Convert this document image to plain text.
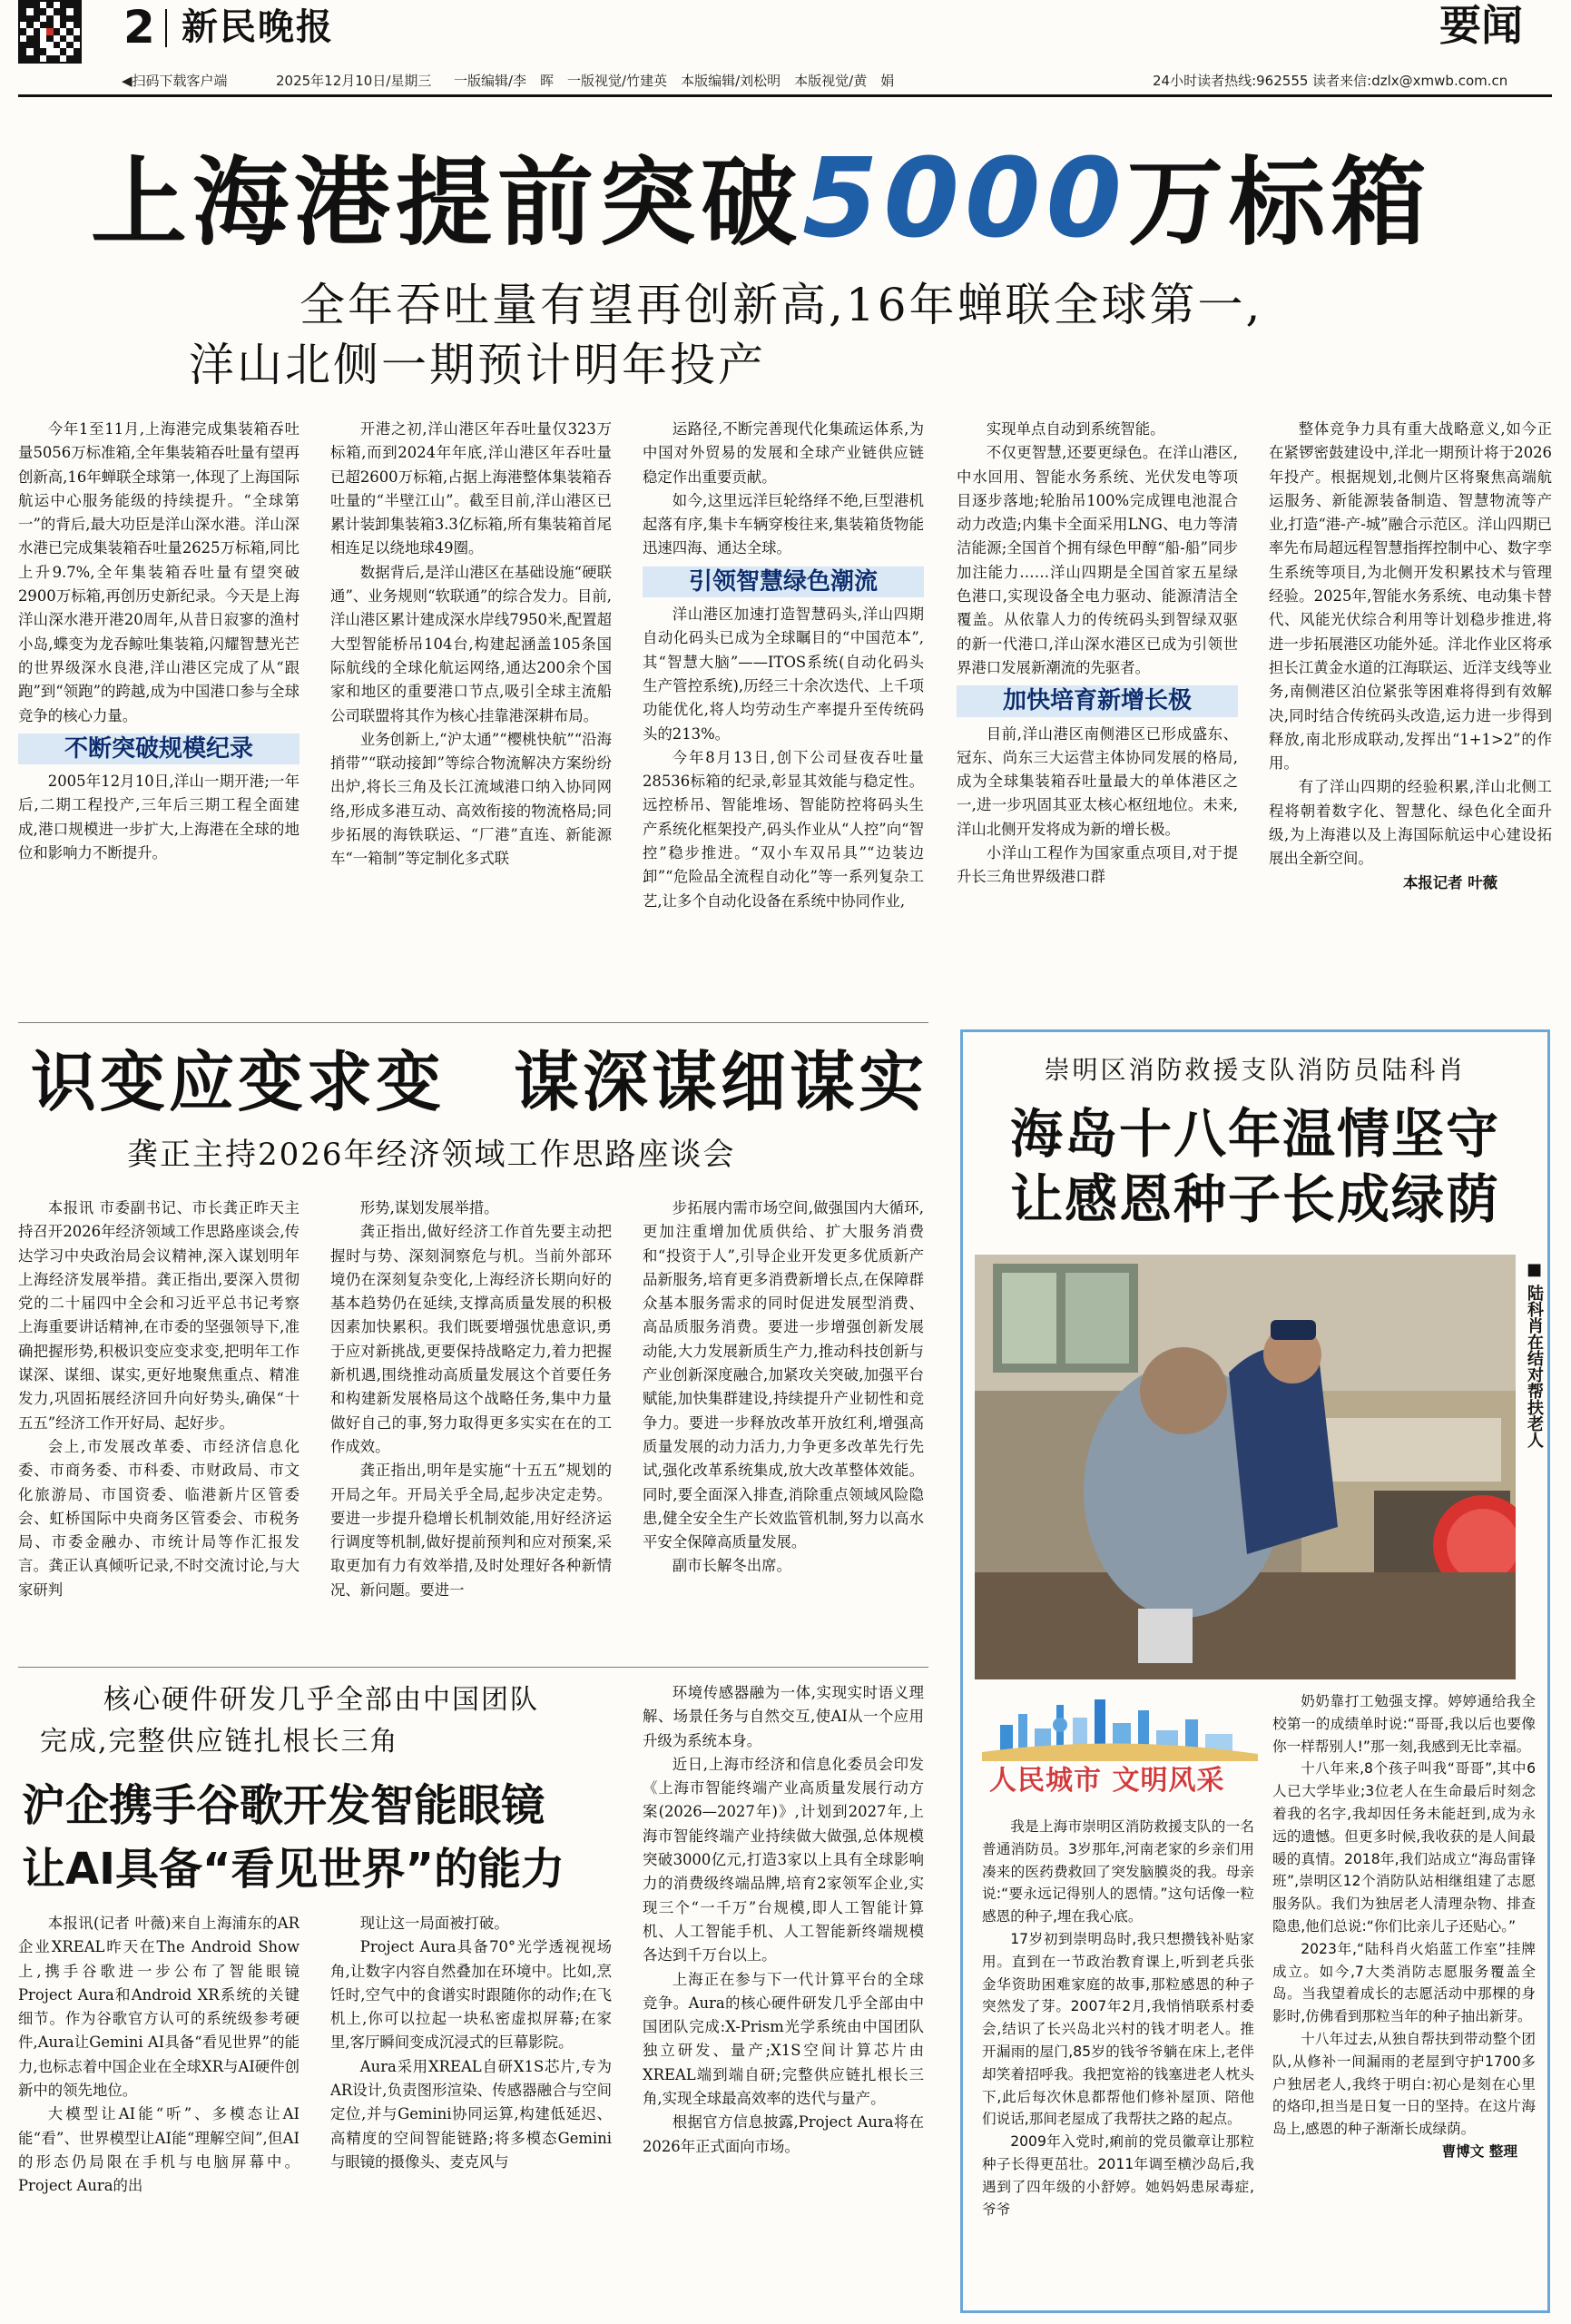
2 新民晚报	要闻
◀扫码下载客户端	2025年12月10日/星期三 一版编辑/李　晖　一版视觉/竹建英　本版编辑/刘松明　本版视觉/黄　娟	24小时读者热线:962555 读者来信:dzlx@xmwb.com.cn
上海港提前突破5000万标箱
全年吞吐量有望再创新高,16年蝉联全球第一,
洋山北侧一期预计明年投产

今年1至11月,上海港完成集装箱吞吐量5056万标准箱,全年集装箱吞吐量有望再创新高,16年蝉联全球第一,体现了上海国际航运中心服务能级的持续提升。“全球第一”的背后,最大功臣是洋山深水港。洋山深水港已完成集装箱吞吐量2625万标箱,同比上升9.7%,全年集装箱吞吐量有望突破2900万标箱,再创历史新纪录。今天是上海洋山深水港开港20周年,从昔日寂寥的渔村小岛,蝶变为龙吞鲸吐集装箱,闪耀智慧光芒的世界级深水良港,洋山港区完成了从“跟跑”到“领跑”的跨越,成为中国港口参与全球竞争的核心力量。

不断突破规模纪录

2005年12月10日,洋山一期开港;一年后,二期工程投产,三年后三期工程全面建成,港口规模进一步扩大,上海港在全球的地位和影响力不断提升。

开港之初,洋山港区年吞吐量仅323万标箱,而到2024年年底,洋山港区年吞吐量已超2600万标箱,占据上海港整体集装箱吞吐量的“半壁江山”。截至目前,洋山港区已累计装卸集装箱3.3亿标箱,所有集装箱首尾相连足以绕地球49圈。

数据背后,是洋山港区在基础设施“硬联通”、业务规则“软联通”的综合发力。目前,洋山港区累计建成深水岸线7950米,配置超大型智能桥吊104台,构建起涵盖105条国际航线的全球化航运网络,通达200余个国家和地区的重要港口节点,吸引全球主流船公司联盟将其作为核心挂靠港深耕布局。

业务创新上,“沪太通”“樱桃快航”“沿海捎带”“联动接卸”等综合物流解决方案纷纷出炉,将长三角及长江流域港口纳入协同网络,形成多港互动、高效衔接的物流格局;同步拓展的海铁联运、“厂港”直连、新能源车“一箱制”等定制化多式联

运路径,不断完善现代化集疏运体系,为中国对外贸易的发展和全球产业链供应链稳定作出重要贡献。

如今,这里远洋巨轮络绎不绝,巨型港机起落有序,集卡车辆穿梭往来,集装箱货物能迅速四海、通达全球。

引领智慧绿色潮流

洋山港区加速打造智慧码头,洋山四期自动化码头已成为全球瞩目的“中国范本”,其“智慧大脑”——ITOS系统(自动化码头生产管控系统),历经三十余次迭代、上千项功能优化,将人均劳动生产率提升至传统码头的213%。

今年8月13日,创下公司昼夜吞吐量28536标箱的纪录,彰显其效能与稳定性。远控桥吊、智能堆场、智能防控将码头生产系统化框架投产,码头作业从“人控”向“智控”稳步推进。“双小车双吊具”“边装边卸”“危险品全流程自动化”等一系列复杂工艺,让多个自动化设备在系统中协同作业,

实现单点自动到系统智能。

不仅更智慧,还要更绿色。在洋山港区,中水回用、智能水务系统、光伏发电等项目逐步落地;轮胎吊100%完成锂电池混合动力改造;内集卡全面采用LNG、电力等清洁能源;全国首个拥有绿色甲醇“船-船”同步加注能力……洋山四期是全国首家五星绿色港口,实现设备全电力驱动、能源清洁全覆盖。从依靠人力的传统码头到智绿双驱的新一代港口,洋山深水港区已成为引领世界港口发展新潮流的先驱者。

加快培育新增长极

目前,洋山港区南侧港区已形成盛东、冠东、尚东三大运营主体协同发展的格局,成为全球集装箱吞吐量最大的单体港区之一,进一步巩固其亚太核心枢纽地位。未来,洋山北侧开发将成为新的增长极。

小洋山工程作为国家重点项目,对于提升长三角世界级港口群

整体竞争力具有重大战略意义,如今正在紧锣密鼓建设中,洋北一期预计将于2026年投产。根据规划,北侧片区将聚焦高端航运服务、新能源装备制造、智慧物流等产业,打造“港-产-城”融合示范区。洋山四期已率先布局超远程智慧指挥控制中心、数字孪生系统等项目,为北侧开发积累技术与管理经验。2025年,智能水务系统、电动集卡替代、风能光伏综合利用等计划稳步推进,将进一步拓展港区功能外延。洋北作业区将承担长江黄金水道的江海联运、近洋支线等业务,南侧港区泊位紧张等困难将得到有效解决,同时结合传统码头改造,运力进一步得到释放,南北形成联动,发挥出“1+1>2”的作用。

有了洋山四期的经验积累,洋山北侧工程将朝着数字化、智慧化、绿色化全面升级,为上海港以及上海国际航运中心建设拓展出全新空间。

本报记者 叶薇
识变应变求变　谋深谋细谋实
龚正主持2026年经济领域工作思路座谈会

本报讯 市委副书记、市长龚正昨天主持召开2026年经济领域工作思路座谈会,传达学习中央政治局会议精神,深入谋划明年上海经济发展举措。龚正指出,要深入贯彻党的二十届四中全会和习近平总书记考察上海重要讲话精神,在市委的坚强领导下,准确把握形势,积极识变应变求变,把明年工作谋深、谋细、谋实,更好地聚焦重点、精准发力,巩固拓展经济回升向好势头,确保“十五五”经济工作开好局、起好步。

会上,市发展改革委、市经济信息化委、市商务委、市科委、市财政局、市文化旅游局、市国资委、临港新片区管委会、虹桥国际中央商务区管委会、市税务局、市委金融办、市统计局等作汇报发言。龚正认真倾听记录,不时交流讨论,与大家研判

形势,谋划发展举措。

龚正指出,做好经济工作首先要主动把握时与势、深刻洞察危与机。当前外部环境仍在深刻复杂变化,上海经济长期向好的基本趋势仍在延续,支撑高质量发展的积极因素加快累积。我们既要增强忧患意识,勇于应对新挑战,更要保持战略定力,着力把握新机遇,围绕推动高质量发展这个首要任务和构建新发展格局这个战略任务,集中力量做好自己的事,努力取得更多实实在在的工作成效。

龚正指出,明年是实施“十五五”规划的开局之年。开局关乎全局,起步决定走势。要进一步提升稳增长机制效能,用好经济运行调度等机制,做好提前预判和应对预案,采取更加有力有效举措,及时处理好各种新情况、新问题。要进一

步拓展内需市场空间,做强国内大循环,更加注重增加优质供给、扩大服务消费和“投资于人”,引导企业开发更多优质新产品新服务,培育更多消费新增长点,在保障群众基本服务需求的同时促进发展型消费、高品质服务消费。要进一步增强创新发展动能,大力发展新质生产力,推动科技创新与产业创新深度融合,加紧攻关突破,加强平台赋能,加快集群建设,持续提升产业韧性和竞争力。要进一步释放改革开放红利,增强高质量发展的动力活力,力争更多改革先行先试,强化改革系统集成,放大改革整体效能。同时,要全面深入排查,消除重点领域风险隐患,健全安全生产长效监管机制,努力以高水平安全保障高质量发展。

副市长解冬出席。

核心硬件研发几乎全部由中国团队
完成,完整供应链扎根长三角
沪企携手谷歌开发智能眼镜
让AI具备“看见世界”的能力

本报讯(记者 叶薇)来自上海浦东的AR企业XREAL昨天在The Android Show上,携手谷歌进一步公布了智能眼镜Project Aura和Android XR系统的关键细节。作为谷歌官方认可的系统级参考硬件,Aura让Gemini AI具备“看见世界”的能力,也标志着中国企业在全球XR与AI硬件创新中的领先地位。

大模型让AI能“听”、多模态让AI能“看”、世界模型让AI能“理解空间”,但AI的形态仍局限在手机与电脑屏幕中。Project Aura的出

现让这一局面被打破。

Project Aura具备70°光学透视视场角,让数字内容自然叠加在环境中。比如,烹饪时,空气中的食谱实时跟随你的动作;在飞机上,你可以拉起一块私密虚拟屏幕;在家里,客厅瞬间变成沉浸式的巨幕影院。

Aura采用XREAL自研X1S芯片,专为AR设计,负责图形渲染、传感器融合与空间定位,并与Gemini协同运算,构建低延迟、高精度的空间智能链路;将多模态Gemini与眼镜的摄像头、麦克风与

环境传感器融为一体,实现实时语义理解、场景任务与自然交互,使AI从一个应用升级为系统本身。

近日,上海市经济和信息化委员会印发《上海市智能终端产业高质量发展行动方案(2026—2027年)》,计划到2027年,上海市智能终端产业持续做大做强,总体规模突破3000亿元,打造3家以上具有全球影响力的消费级终端品牌,培育2家领军企业,实现三个“一千万”台规模,即人工智能计算机、人工智能手机、人工智能新终端规模各达到千万台以上。

上海正在参与下一代计算平台的全球竞争。Aura的核心硬件研发几乎全部由中国团队完成:X-Prism光学系统由中国团队独立研发、量产;X1S空间计算芯片由XREAL端到端自研;完整供应链扎根长三角,实现全球最高效率的迭代与量产。

根据官方信息披露,Project Aura将在2026年正式面向市场。

崇明区消防救援支队消防员陆科肖
海岛十八年温情坚守
让感恩种子长成绿荫
■ 陆科肖在结对帮扶老人
人民城市 文明风采

我是上海市崇明区消防救援支队的一名普通消防员。3岁那年,河南老家的乡亲们用凑来的医药费救回了突发脑膜炎的我。母亲说:“要永远记得别人的恩情。”这句话像一粒感恩的种子,埋在我心底。

17岁初到崇明岛时,我只想攒钱补贴家用。直到在一节政治教育课上,听到老兵张金华资助困难家庭的故事,那粒感恩的种子突然发了芽。2007年2月,我悄悄联系村委会,结识了长兴岛北兴村的钱才明老人。推开漏雨的屋门,85岁的钱爷爷躺在床上,老伴却笑着招呼我。我把宽裕的钱塞进老人枕头下,此后每次休息都帮他们修补屋顶、陪他们说话,那间老屋成了我帮扶之路的起点。

2009年入党时,痢前的党员徽章让那粒种子长得更茁壮。2011年调至横沙岛后,我遇到了四年级的小舒婷。她妈妈患尿毒症,爷爷

奶奶靠打工勉强支撑。婷婷通给我全校第一的成绩单时说:“哥哥,我以后也要像你一样帮别人!”那一刻,我感到无比幸福。

十八年来,8个孩子叫我“哥哥”,其中6人已大学毕业;3位老人在生命最后时刻念着我的名字,我却因任务未能赶到,成为永远的遗憾。但更多时候,我收获的是人间最暖的真情。2018年,我们站成立“海岛雷锋班”,崇明区12个消防队站相继组建了志愿服务队。我们为独居老人清理杂物、排查隐患,他们总说:“你们比亲儿子还贴心。”

2023年,“陆科肖火焰蓝工作室”挂牌成立。如今,7大类消防志愿服务覆盖全岛。当我望着成长的志愿活动中那棵的身影时,仿佛看到那粒当年的种子抽出新芽。

十八年过去,从独自帮扶到带动整个团队,从修补一间漏雨的老屋到守护1700多户独居老人,我终于明白:初心是刻在心里的烙印,担当是日复一日的坚持。在这片海岛上,感恩的种子渐渐长成绿荫。

曹博文 整理
